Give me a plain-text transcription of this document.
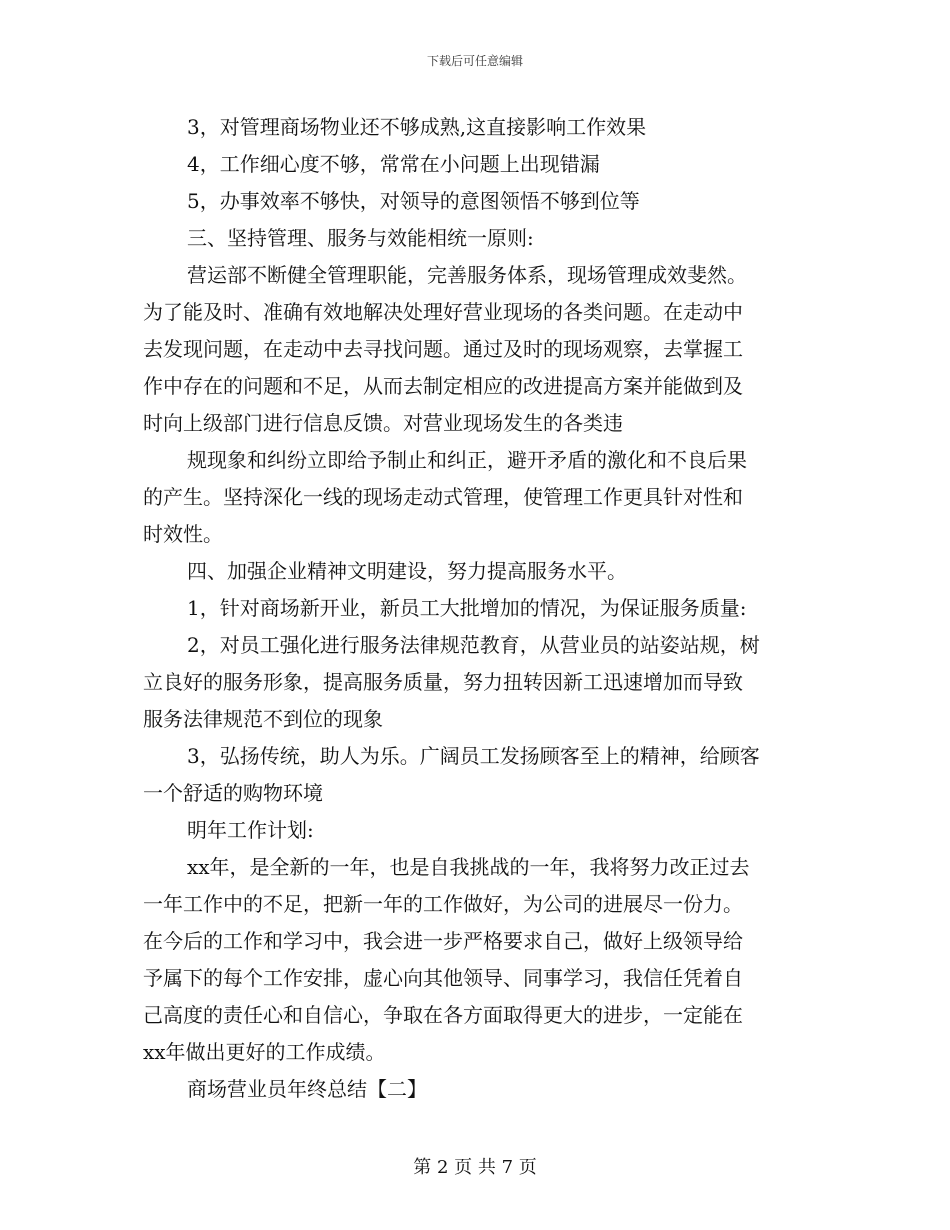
下载后可任意编辑
3，对管理商场物业还不够成熟,这直接影响工作效果
4，工作细心度不够，常常在小问题上出现错漏
5，办事效率不够快，对领导的意图领悟不够到位等
三、坚持管理、服务与效能相统一原则:
营运部不断健全管理职能，完善服务体系，现场管理成效斐然。
为了能及时、准确有效地解决处理好营业现场的各类问题。在走动中
去发现问题，在走动中去寻找问题。通过及时的现场观察，去掌握工
作中存在的问题和不足，从而去制定相应的改进提高方案并能做到及
时向上级部门进行信息反馈。对营业现场发生的各类违
规现象和纠纷立即给予制止和纠正，避开矛盾的激化和不良后果
的产生。坚持深化一线的现场走动式管理，使管理工作更具针对性和
时效性。
四、加强企业精神文明建设，努力提高服务水平。
1，针对商场新开业，新员工大批增加的情况，为保证服务质量:
2，对员工强化进行服务法律规范教育，从营业员的站姿站规，树
立良好的服务形象，提高服务质量，努力扭转因新工迅速增加而导致
服务法律规范不到位的现象
3，弘扬传统，助人为乐。广阔员工发扬顾客至上的精神，给顾客
一个舒适的购物环境
明年工作计划:
xx年，是全新的一年，也是自我挑战的一年，我将努力改正过去
一年工作中的不足，把新一年的工作做好，为公司的进展尽一份力。
在今后的工作和学习中，我会进一步严格要求自己，做好上级领导给
予属下的每个工作安排，虚心向其他领导、同事学习，我信任凭着自
己高度的责任心和自信心，争取在各方面取得更大的进步，一定能在
xx年做出更好的工作成绩。
商场营业员年终总结【二】
第 2 页 共 7 页
